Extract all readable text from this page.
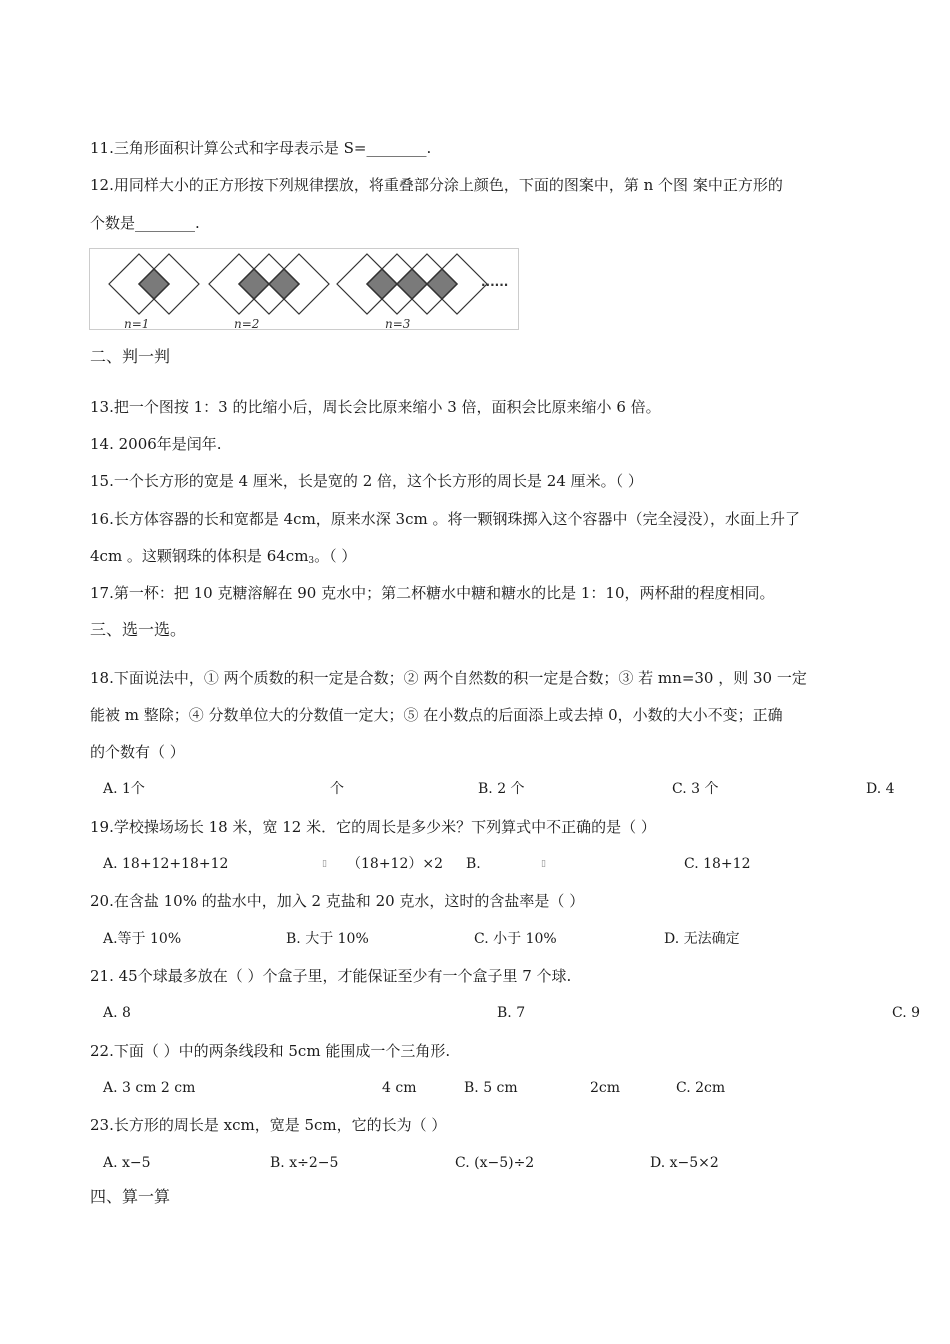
11.三角形面积计算公式和字母表示是 S=________.
12.用同样大小的正方形按下列规律摆放，将重叠部分涂上颜色，下面的图案中，第 n 个图 案中正方形的
个数是________.
n=1	n=2	n=3
......
二、判一判
13.把一个图按 1：3 的比缩小后，周长会比原来缩小 3 倍，面积会比原来缩小 6 倍。
14. 2006年是闰年.
15.一个长方形的宽是 4 厘米，长是宽的 2 倍，这个长方形的周长是 24 厘米。（ ）
16.长方体容器的长和宽都是 4cm，原来水深 3cm 。将一颗钢珠掷入这个容器中（完全浸没），水面上升了
4cm 。这颗钢珠的体积是 64cm3。（ ）
17.第一杯：把 10 克糖溶解在 90 克水中；第二杯糖水中糖和糖水的比是 1：10，两杯甜的程度相同。
三、选一选。
18.下面说法中，① 两个质数的积一定是合数；② 两个自然数的积一定是合数；③ 若 mn=30 ，则 30 一定
能被 m 整除；④ 分数单位大的分数值一定大；⑤ 在小数点的后面添上或去掉 0，小数的大小不变；正确
的个数有（ ）
A. 1个	个	B. 2 个	C. 3 个	D. 4
19.学校操场场长 18 米，宽 12 米．它的周长是多少米？下列算式中不正确的是（ ）
A. 18+12+18+12	▯ （18+12）×2 B.	▯	C. 18+12
20.在含盐 10% 的盐水中，加入 2 克盐和 20 克水，这时的含盐率是（ ）
A.等于 10%	B. 大于 10%	C. 小于 10%	D. 无法确定
21. 45个球最多放在（ ）个盒子里，才能保证至少有一个盒子里 7 个球.
A. 8	B. 7	C. 9
22.下面（ ）中的两条线段和 5cm 能围成一个三角形.
A. 3 cm 2 cm	4 cm	B. 5 cm	2cm	C. 2cm
23.长方形的周长是 xcm，宽是 5cm，它的长为（ ）
A. x−5	B. x÷2−5	C. (x−5)÷2	D. x−5×2
四、算一算
